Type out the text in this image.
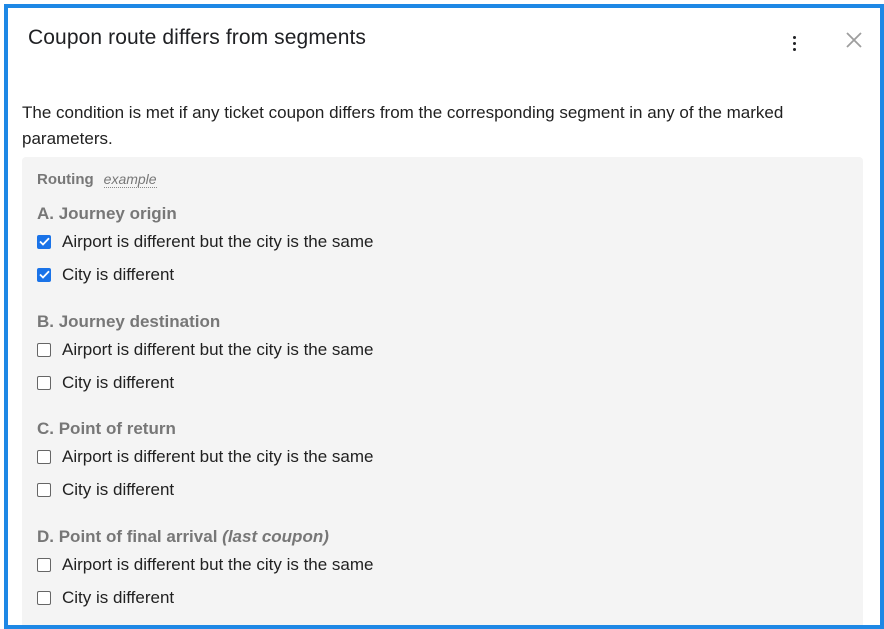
Coupon route differs from segments
The condition is met if any ticket coupon differs from the corresponding segment in any of the marked parameters.
Routing example
A. Journey origin
Airport is different but the city is the same
City is different
B. Journey destination
Airport is different but the city is the same
City is different
C. Point of return
Airport is different but the city is the same
City is different
D. Point of final arrival (last coupon)
Airport is different but the city is the same
City is different
